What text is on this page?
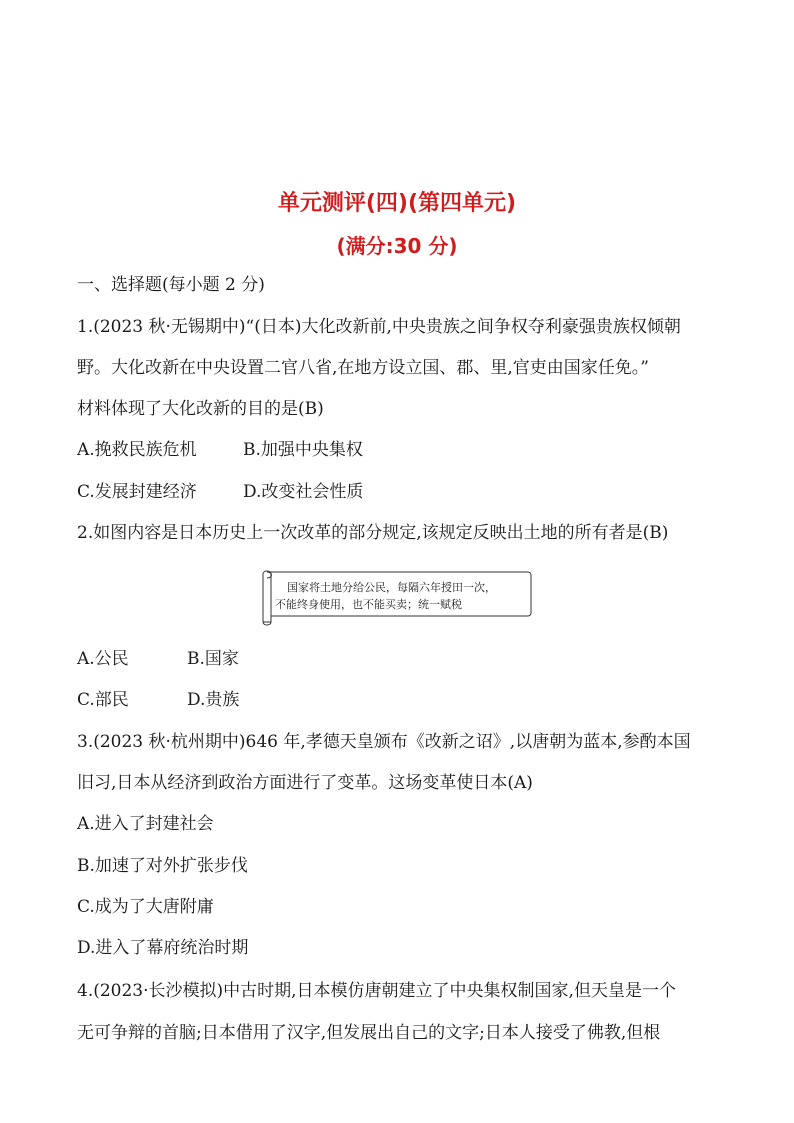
单元测评(四)(第四单元)
(满分:30 分)
一、选择题(每小题 2 分)
1.(2023 秋·无锡期中)“(日本)大化改新前,中央贵族之间争权夺利豪强贵族权倾朝
野。大化改新在中央设置二官八省,在地方设立国、郡、里,官吏由国家任免。”
材料体现了大化改新的目的是(B)
A.挽救民族危机	B.加强中央集权
C.发展封建经济	D.改变社会性质
2.如图内容是日本历史上一次改革的部分规定,该规定反映出土地的所有者是(B)
国家将土地分给公民，每隔六年授田一次，
不能终身使用，也不能买卖；统一赋税
A.公民	B.国家
C.部民	D.贵族
3.(2023 秋·杭州期中)646 年,孝德天皇颁布《改新之诏》,以唐朝为蓝本,参酌本国
旧习,日本从经济到政治方面进行了变革。这场变革使日本(A)
A.进入了封建社会
B.加速了对外扩张步伐
C.成为了大唐附庸
D.进入了幕府统治时期
4.(2023·长沙模拟)中古时期,日本模仿唐朝建立了中央集权制国家,但天皇是一个
无可争辩的首脑;日本借用了汉字,但发展出自己的文字;日本人接受了佛教,但根
